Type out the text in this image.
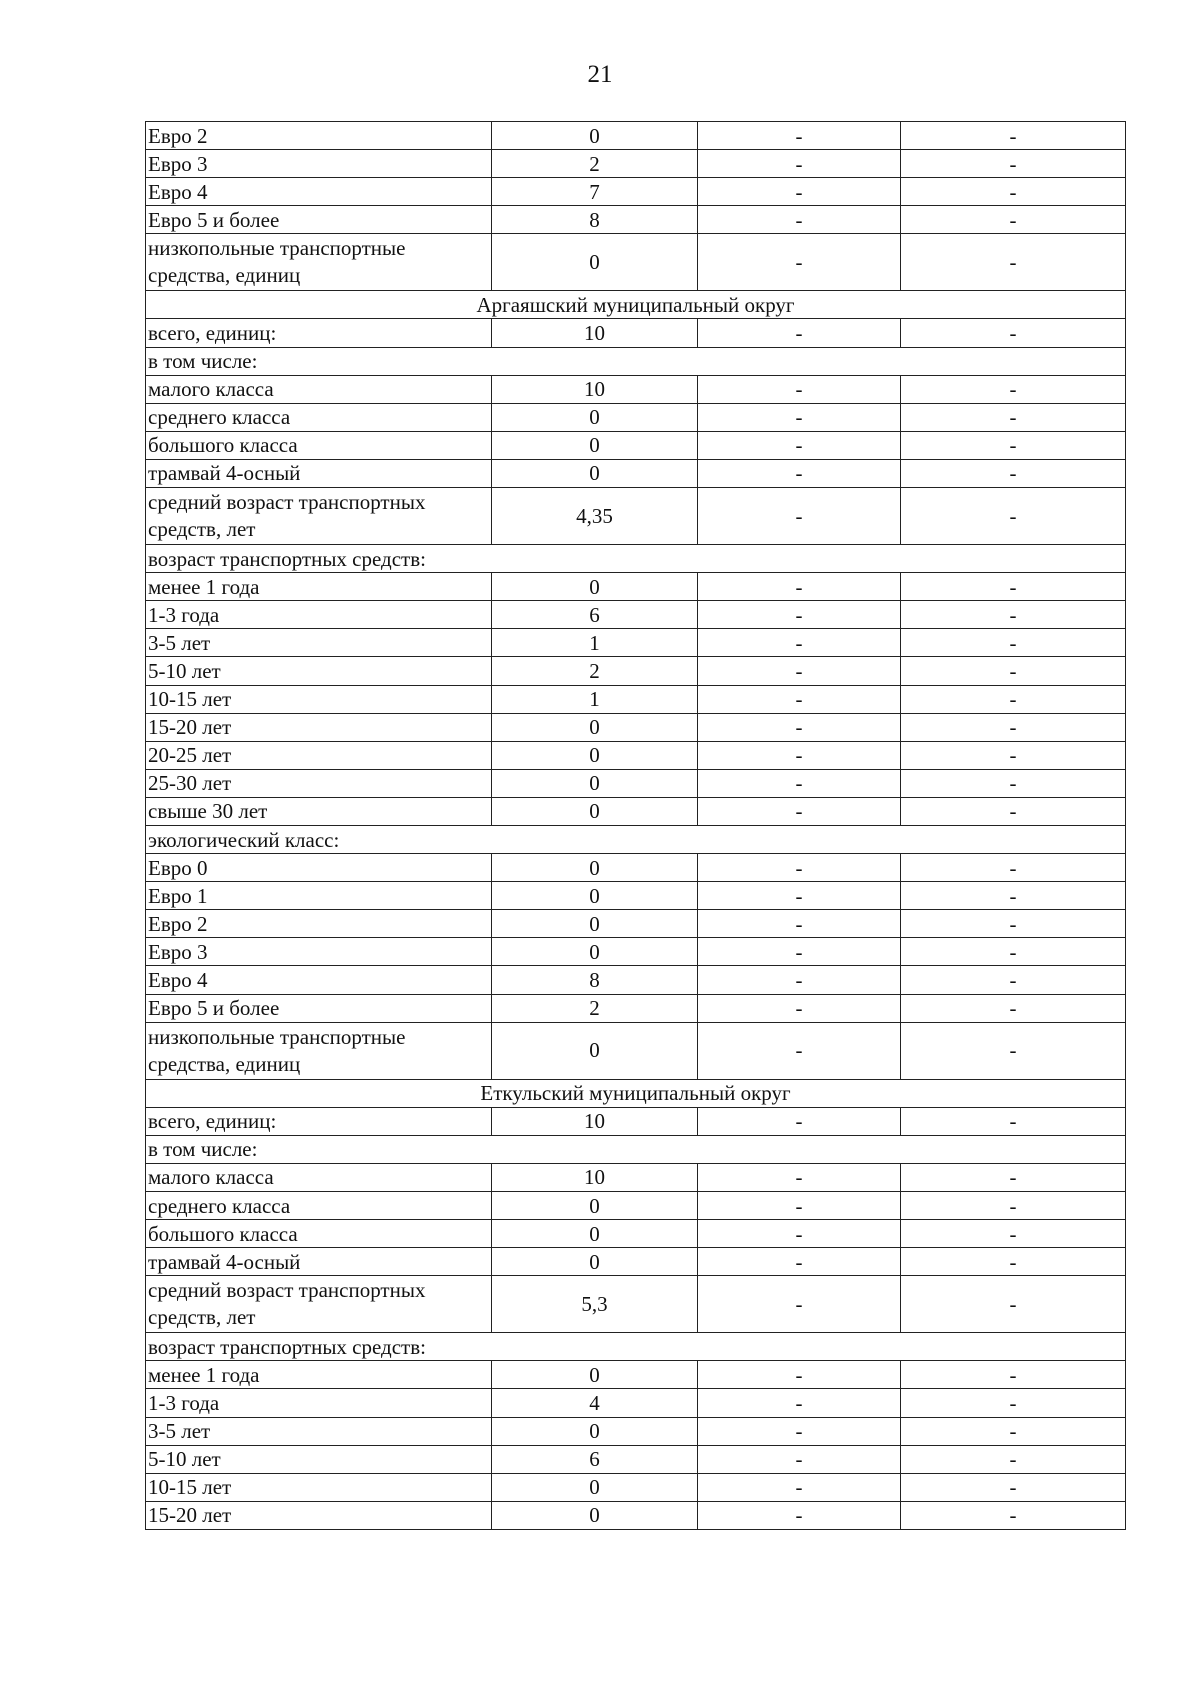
21
Евро 2	0	-	-
Евро 3	2	-	-
Евро 4	7	-	-
Евро 5 и более	8	-	-
низкопольные транспортные средства, единиц	0	-	-
Аргаяшский муниципальный округ			
всего, единиц:	10	-	-
в том числе:			
малого класса	10	-	-
среднего класса	0	-	-
большого класса	0	-	-
трамвай 4-осный	0	-	-
средний возраст транспортных средств, лет	4,35	-	-
возраст транспортных средств:			
менее 1 года	0	-	-
1-3 года	6	-	-
3-5 лет	1	-	-
5-10 лет	2	-	-
10-15 лет	1	-	-
15-20 лет	0	-	-
20-25 лет	0	-	-
25-30 лет	0	-	-
свыше 30 лет	0	-	-
экологический класс:			
Евро 0	0	-	-
Евро 1	0	-	-
Евро 2	0	-	-
Евро 3	0	-	-
Евро 4	8	-	-
Евро 5 и более	2	-	-
низкопольные транспортные средства, единиц	0	-	-
Еткульский муниципальный округ			
всего, единиц:	10	-	-
в том числе:			
малого класса	10	-	-
среднего класса	0	-	-
большого класса	0	-	-
трамвай 4-осный	0	-	-
средний возраст транспортных средств, лет	5,3	-	-
возраст транспортных средств:			
менее 1 года	0	-	-
1-3 года	4	-	-
3-5 лет	0	-	-
5-10 лет	6	-	-
10-15 лет	0	-	-
15-20 лет	0	-	-
